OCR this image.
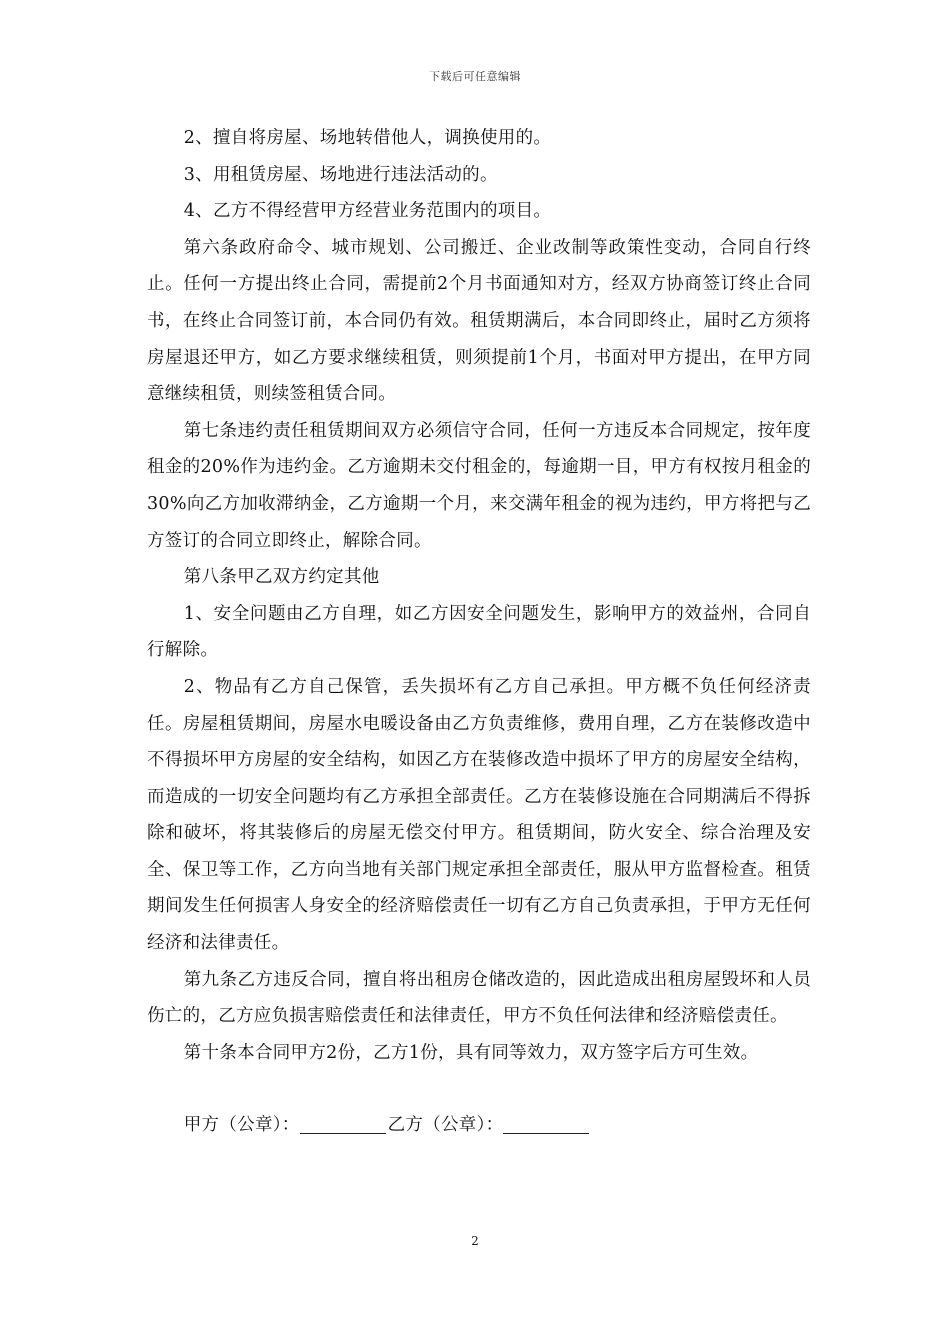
下载后可任意编辑

2、擅自将房屋、场地转借他人，调换使用的。

3、用租赁房屋、场地进行违法活动的。

4、乙方不得经营甲方经营业务范围内的项目。

第六条政府命令、城市规划、公司搬迁、企业改制等政策性变动，合同自行终止。任何一方提出终止合同，需提前2个月书面通知对方，经双方协商签订终止合同书，在终止合同签订前，本合同仍有效。租赁期满后，本合同即终止，届时乙方须将房屋退还甲方，如乙方要求继续租赁，则须提前1个月，书面对甲方提出，在甲方同意继续租赁，则续签租赁合同。

第七条违约责任租赁期间双方必须信守合同，任何一方违反本合同规定，按年度租金的20%作为违约金。乙方逾期未交付租金的，每逾期一目，甲方有权按月租金的30%向乙方加收滞纳金，乙方逾期一个月，来交满年租金的视为违约，甲方将把与乙方签订的合同立即终止，解除合同。

第八条甲乙双方约定其他

1、安全问题由乙方自理，如乙方因安全问题发生，影响甲方的效益州，合同自行解除。

2、物品有乙方自己保管，丢失损坏有乙方自己承担。甲方概不负任何经济责任。房屋租赁期间，房屋水电暖设备由乙方负责维修，费用自理，乙方在装修改造中不得损坏甲方房屋的安全结构，如因乙方在装修改造中损坏了甲方的房屋安全结构，而造成的一切安全问题均有乙方承担全部责任。乙方在装修设施在合同期满后不得拆除和破坏，将其装修后的房屋无偿交付甲方。租赁期间，防火安全、综合治理及安全、保卫等工作，乙方向当地有关部门规定承担全部责任，服从甲方监督检查。租赁期间发生任何损害人身安全的经济赔偿责任一切有乙方自己负责承担，于甲方无任何经济和法律责任。

第九条乙方违反合同，擅自将出租房仓储改造的，因此造成出租房屋毁坏和人员伤亡的，乙方应负损害赔偿责任和法律责任，甲方不负任何法律和经济赔偿责任。

第十条本合同甲方2份，乙方1份，具有同等效力，双方签字后方可生效。

甲方（公章）：	乙方（公章）：

2
